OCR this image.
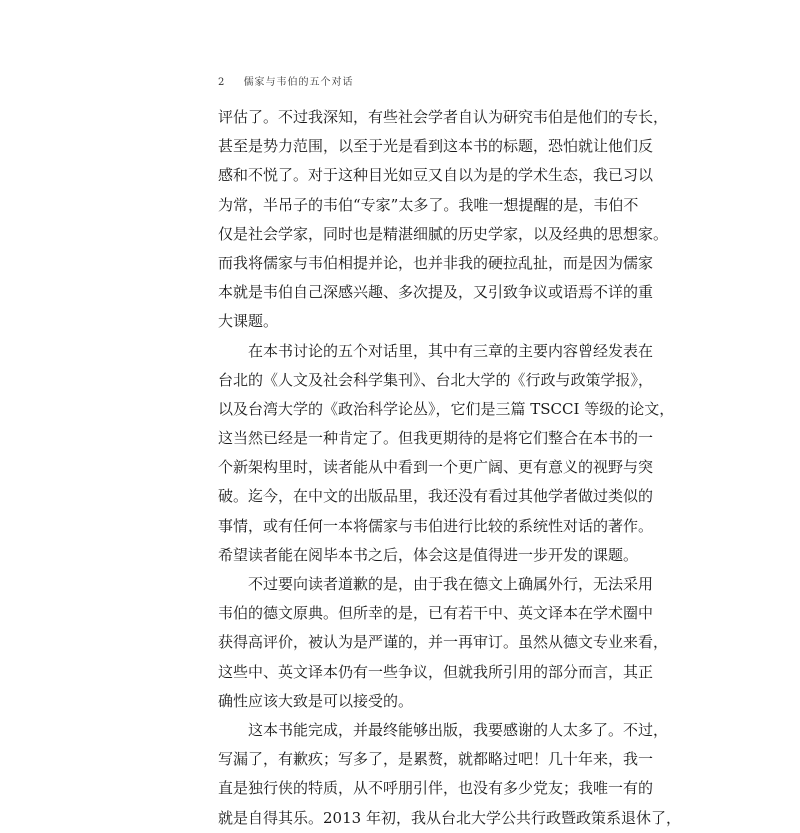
2 儒家与韦伯的五个对话
评估了。不过我深知，有些社会学者自认为研究韦伯是他们的专长，
甚至是势力范围，以至于光是看到这本书的标题，恐怕就让他们反
感和不悦了。对于这种目光如豆又自以为是的学术生态，我已习以
为常，半吊子的韦伯“专家”太多了。我唯一想提醒的是，韦伯不
仅是社会学家，同时也是精湛细腻的历史学家，以及经典的思想家。
而我将儒家与韦伯相提并论，也并非我的硬拉乱扯，而是因为儒家
本就是韦伯自己深感兴趣、多次提及，又引致争议或语焉不详的重
大课题。
在本书讨论的五个对话里，其中有三章的主要内容曾经发表在
台北的《人文及社会科学集刊》、台北大学的《行政与政策学报》，
以及台湾大学的《政治科学论丛》，它们是三篇 TSCCI 等级的论文，
这当然已经是一种肯定了。但我更期待的是将它们整合在本书的一
个新架构里时，读者能从中看到一个更广阔、更有意义的视野与突
破。迄今，在中文的出版品里，我还没有看过其他学者做过类似的
事情，或有任何一本将儒家与韦伯进行比较的系统性对话的著作。
希望读者能在阅毕本书之后，体会这是值得进一步开发的课题。
不过要向读者道歉的是，由于我在德文上确属外行，无法采用
韦伯的德文原典。但所幸的是，已有若干中、英文译本在学术圈中
获得高评价，被认为是严谨的，并一再审订。虽然从德文专业来看，
这些中、英文译本仍有一些争议，但就我所引用的部分而言，其正
确性应该大致是可以接受的。
这本书能完成，并最终能够出版，我要感谢的人太多了。不过，
写漏了，有歉疚；写多了，是累赘，就都略过吧！几十年来，我一
直是独行侠的特质，从不呼朋引伴，也没有多少党友；我唯一有的
就是自得其乐。2013 年初，我从台北大学公共行政暨政策系退休了，
